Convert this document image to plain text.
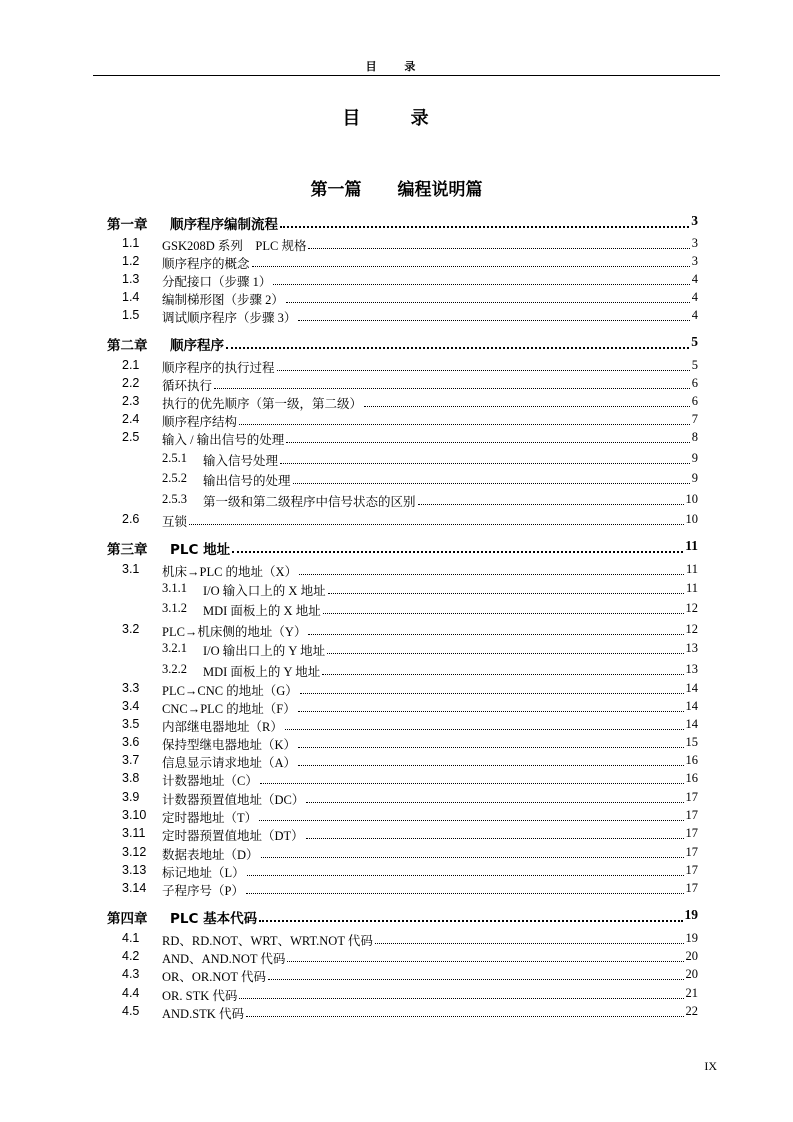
目 录
目 录
第一篇 编程说明篇
第一章 顺序程序编制流程	3
1.1 GSK208D 系列　PLC 规格	3
1.2 顺序程序的概念	3
1.3 分配接口（步骤 1）	4
1.4 编制梯形图（步骤 2）	4
1.5 调试顺序程序（步骤 3）	4
第二章 顺序程序	5
2.1 顺序程序的执行过程	5
2.2 循环执行	6
2.3 执行的优先顺序（第一级，第二级）	6
2.4 顺序程序结构	7
2.5 输入 / 输出信号的处理	8
2.5.1 输入信号处理	9
2.5.2 输出信号的处理	9
2.5.3 第一级和第二级程序中信号状态的区别	10
2.6 互锁	10
第三章 PLC 地址	11
3.1 机床→PLC 的地址（X）	11
3.1.1 I/O 输入口上的 X 地址	11
3.1.2 MDI 面板上的 X 地址	12
3.2 PLC→机床侧的地址（Y）	12
3.2.1 I/O 输出口上的 Y 地址	13
3.2.2 MDI 面板上的 Y 地址	13
3.3 PLC→CNC 的地址（G）	14
3.4 CNC→PLC 的地址（F）	14
3.5 内部继电器地址（R）	14
3.6 保持型继电器地址（K）	15
3.7 信息显示请求地址（A）	16
3.8 计数器地址（C）	16
3.9 计数器预置值地址（DC）	17
3.10 定时器地址（T）	17
3.11 定时器预置值地址（DT）	17
3.12 数据表地址（D）	17
3.13 标记地址（L）	17
3.14 子程序号（P）	17
第四章 PLC 基本代码	19
4.1 RD、RD.NOT、WRT、WRT.NOT 代码	19
4.2 AND、AND.NOT 代码	20
4.3 OR、OR.NOT 代码	20
4.4 OR. STK 代码	21
4.5 AND.STK 代码	22
IX
